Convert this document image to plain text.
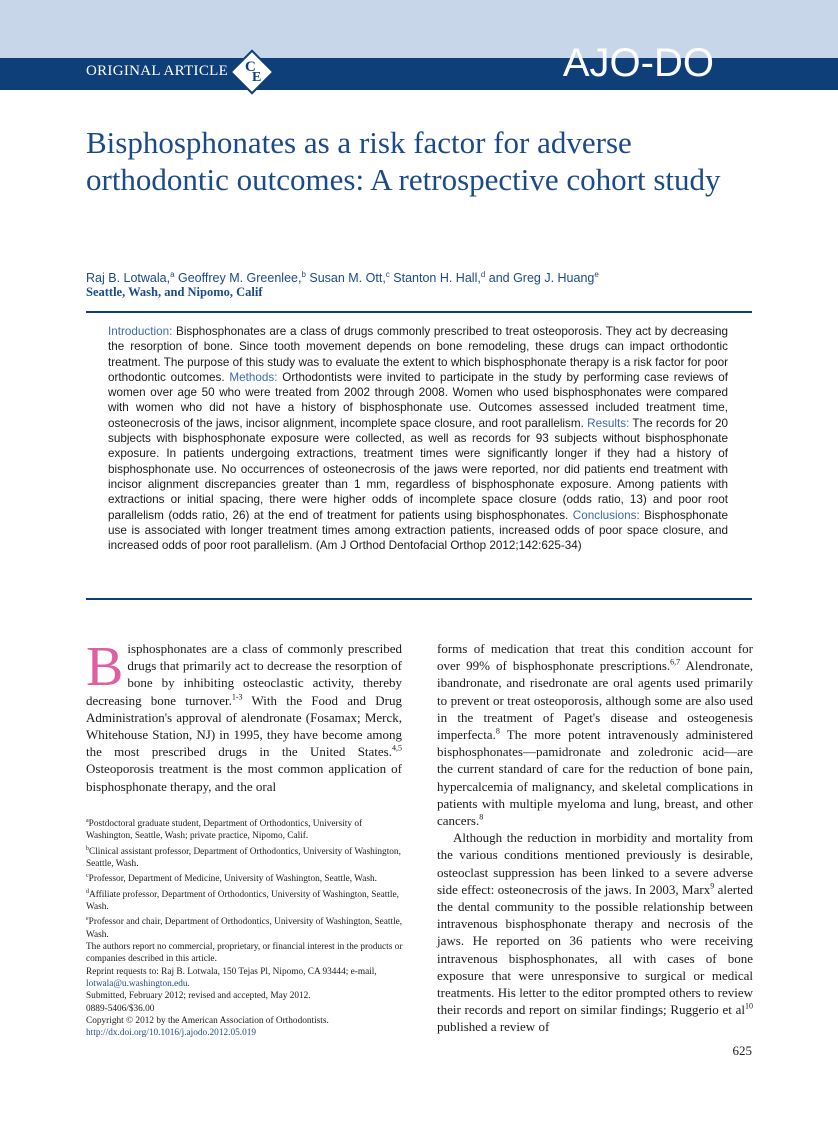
ORIGINAL ARTICLE C
E	AJO-DO
Bisphosphonates as a risk factor for adverse orthodontic outcomes: A retrospective cohort study
Raj B. Lotwala,$^a$ Geoffrey M. Greenlee,$^b$ Susan M. Ott,$^c$ Stanton H. Hall,$^d$ and Greg J. Huang$^e$
Seattle, Wash, and Nipomo, Calif
Introduction: Bisphosphonates are a class of drugs commonly prescribed to treat osteoporosis. They act by decreasing the resorption of bone. Since tooth movement depends on bone remodeling, these drugs can impact orthodontic treatment. The purpose of this study was to evaluate the extent to which bisphosphonate therapy is a risk factor for poor orthodontic outcomes. Methods: Orthodontists were invited to participate in the study by performing case reviews of women over age 50 who were treated from 2002 through 2008. Women who used bisphosphonates were compared with women who did not have a history of bisphosphonate use. Outcomes assessed included treatment time, osteonecrosis of the jaws, incisor alignment, incomplete space closure, and root parallelism. Results: The records for 20 subjects with bisphosphonate exposure were collected, as well as records for 93 subjects without bisphosphonate exposure. In patients undergoing extractions, treatment times were significantly longer if they had a history of bisphosphonate use. No occurrences of osteonecrosis of the jaws were reported, nor did patients end treatment with incisor alignment discrepancies greater than 1 mm, regardless of bisphosphonate exposure. Among patients with extractions or initial spacing, there were higher odds of incomplete space closure (odds ratio, 13) and poor root parallelism (odds ratio, 26) at the end of treatment for patients using bisphosphonates. Conclusions: Bisphosphonate use is associated with longer treatment times among extraction patients, increased odds of poor space closure, and increased odds of poor root parallelism. (Am J Orthod Dentofacial Orthop 2012;142:625-34)

Bisphosphonates are a class of commonly prescribed drugs that primarily act to decrease the resorption of bone by inhibiting osteoclastic activity, thereby decreasing bone turnover.$^{1-3}$ With the Food and Drug Administration's approval of alendronate (Fosamax; Merck, Whitehouse Station, NJ) in 1995, they have become among the most prescribed drugs in the United States.$^{4,5}$ Osteoporosis treatment is the most common application of bisphosphonate therapy, and the oral

$^a$Postdoctoral graduate student, Department of Orthodontics, University of Washington, Seattle, Wash; private practice, Nipomo, Calif.
$^b$Clinical assistant professor, Department of Orthodontics, University of Washington, Seattle, Wash.
$^c$Professor, Department of Medicine, University of Washington, Seattle, Wash.
$^d$Affiliate professor, Department of Orthodontics, University of Washington, Seattle, Wash.
$^e$Professor and chair, Department of Orthodontics, University of Washington, Seattle, Wash.
The authors report no commercial, proprietary, or financial interest in the products or companies described in this article.
Reprint requests to: Raj B. Lotwala, 150 Tejas Pl, Nipomo, CA 93444; e-mail,
lotwala@u.washington.edu.
Submitted, February 2012; revised and accepted, May 2012.
0889-5406/$36.00
Copyright © 2012 by the American Association of Orthodontists.
http://dx.doi.org/10.1016/j.ajodo.2012.05.019

forms of medication that treat this condition account for over 99% of bisphosphonate prescriptions.$^{6,7}$ Alendronate, ibandronate, and risedronate are oral agents used primarily to prevent or treat osteoporosis, although some are also used in the treatment of Paget's disease and osteogenesis imperfecta.$^8$ The more potent intravenously administered bisphosphonates—pamidronate and zoledronic acid—are the current standard of care for the reduction of bone pain, hypercalcemia of malignancy, and skeletal complications in patients with multiple myeloma and lung, breast, and other cancers.$^8$

Although the reduction in morbidity and mortality from the various conditions mentioned previously is desirable, osteoclast suppression has been linked to a severe adverse side effect: osteonecrosis of the jaws. In 2003, Marx$^9$ alerted the dental community to the possible relationship between intravenous bisphosphonate therapy and necrosis of the jaws. He reported on 36 patients who were receiving intravenous bisphosphonates, all with cases of bone exposure that were unresponsive to surgical or medical treatments. His letter to the editor prompted others to review their records and report on similar findings; Ruggerio et $al^{10}$ published a review of

625
